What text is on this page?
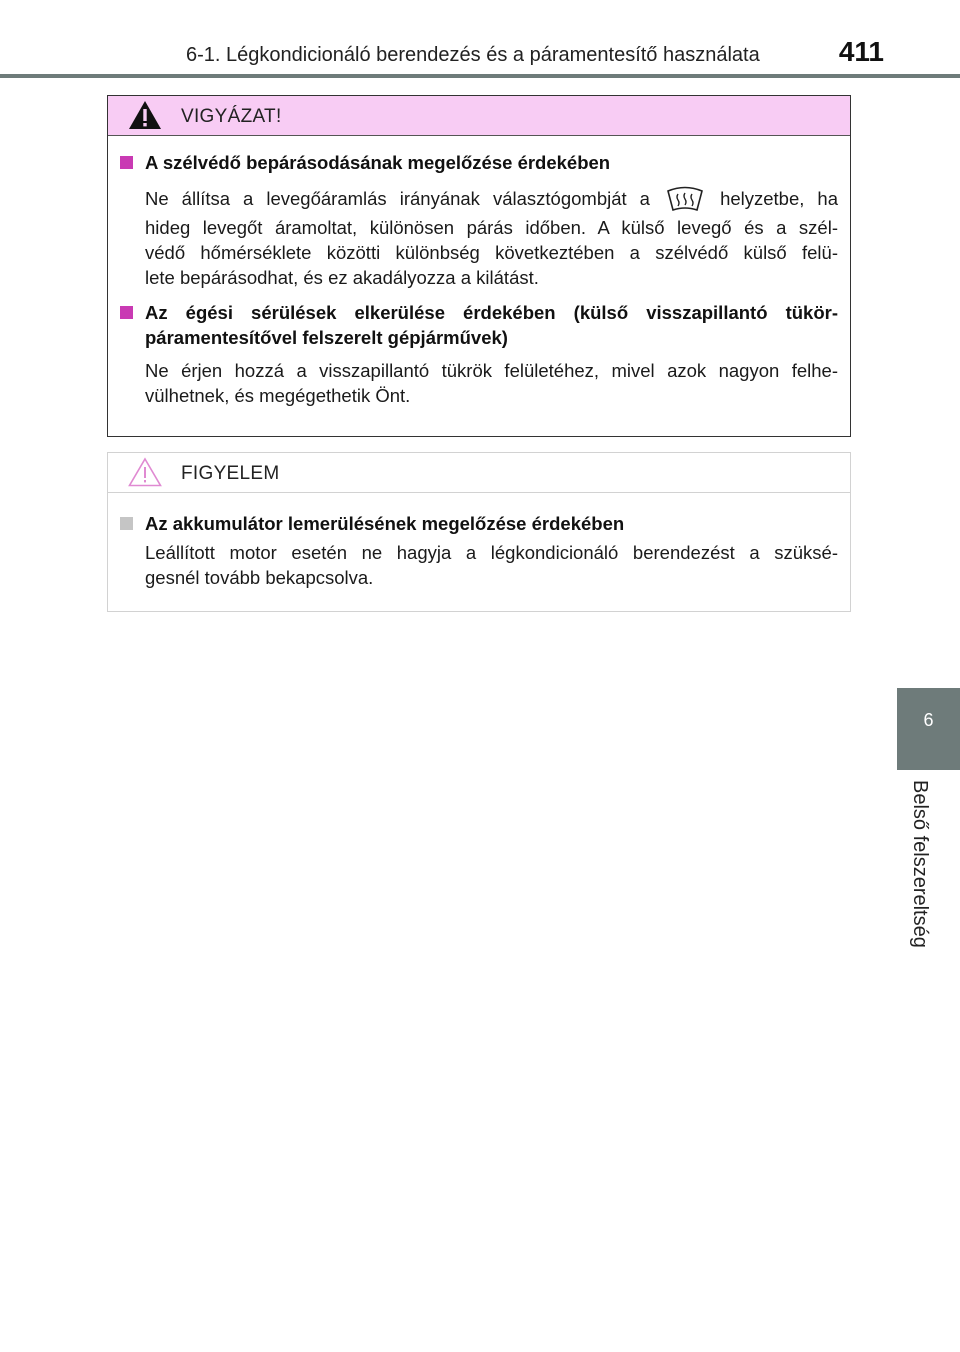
6-1. Légkondicionáló berendezés és a páramentesítő használata	411
6
Belső felszereltség
VIGYÁZAT!
A szélvédő bepárásodásának megelőzése érdekében
Ne állítsa a levegőáramlás irányának választógombját a	helyzetbe, ha
hideg levegőt áramoltat, különösen párás időben. A külső levegő és a szél-
védő hőmérséklete közötti különbség következtében a szélvédő külső felü-
lete bepárásodhat, és ez akadályozza a kilátást.
Az égési sérülések elkerülése érdekében (külső visszapillantó tükör-
páramentesítővel felszerelt gépjárművek)
Ne érjen hozzá a visszapillantó tükrök felületéhez, mivel azok nagyon felhe-
vülhetnek, és megégethetik Önt.
FIGYELEM
Az akkumulátor lemerülésének megelőzése érdekében
Leállított motor esetén ne hagyja a légkondicionáló berendezést a szüksé-
gesnél tovább bekapcsolva.
